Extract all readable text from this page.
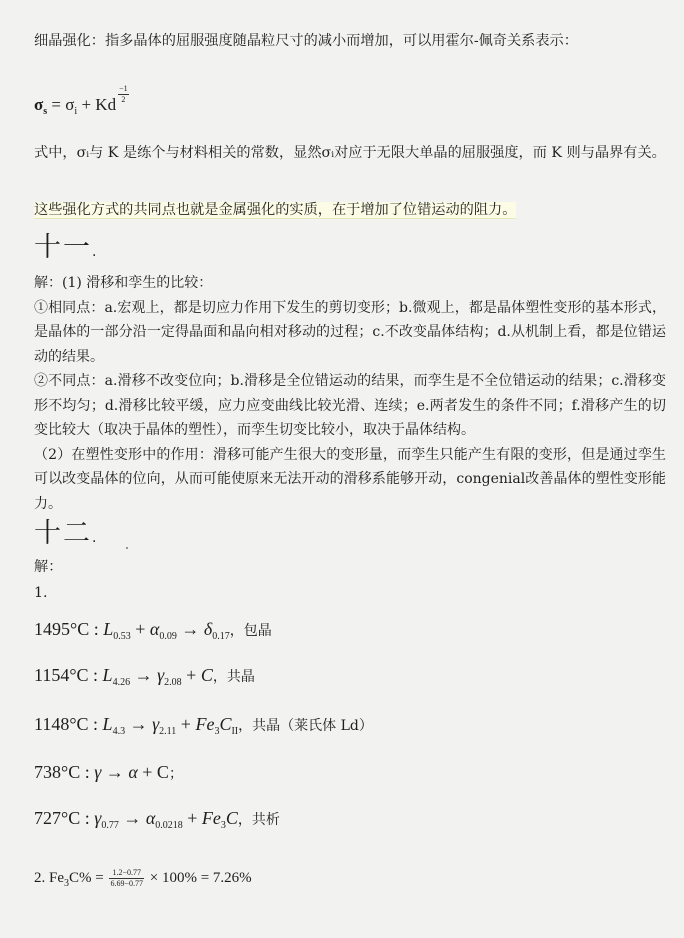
细晶强化：指多晶体的屈服强度随晶粒尺寸的减小而增加，可以用霍尔-佩奇关系表示：
$\sigma_s = \sigma_i + Kd \frac{-1}{2}$
式中，σᵢ与 K 是练个与材料相关的常数，显然σᵢ对应于无限大单晶的屈服强度，而 K 则与晶界有关。
这些强化方式的共同点也就是金属强化的实质，在于增加了位错运动的阻力。
十一.
解：(1) 滑移和孪生的比较：
①相同点：a.宏观上，都是切应力作用下发生的剪切变形；b.微观上，都是晶体塑性变形的基本形式，是晶体的一部分沿一定得晶面和晶向相对移动的过程；c.不改变晶体结构；d.从机制上看，都是位错运动的结果。
②不同点：a.滑移不改变位向；b.滑移是全位错运动的结果，而孪生是不全位错运动的结果；c.滑移变形不均匀；d.滑移比较平缓，应力应变曲线比较光滑、连续；e.两者发生的条件不同；f.滑移产生的切变比较大（取决于晶体的塑性），而孪生切变比较小，取决于晶体结构。
（2）在塑性变形中的作用：滑移可能产生很大的变形量，而孪生只能产生有限的变形，但是通过孪生可以改变晶体的位向，从而可能使原来无法开动的滑移系能够开动，congenial改善晶体的塑性变形能力。
十二.
解：
1.
1495°C : $L_{0.53} + \alpha_{0.09} \to \delta_{0.17}$，包晶
1154°C : $L_{4.26} \to \gamma_{2.08} + C$，共晶
1148°C : $L_{4.3} \to \gamma_{2.11} + Fe_3C_{II}$，共晶（莱氏体 Ld）
738°C : γ → α + C；
727°C : $\gamma_{0.77} \to \alpha_{0.0218} + Fe_3C$，共析
2. $Fe_3C\% = \frac{1.2-0.77}{6.69-0.77} \times 100\% = 7.26\%$
